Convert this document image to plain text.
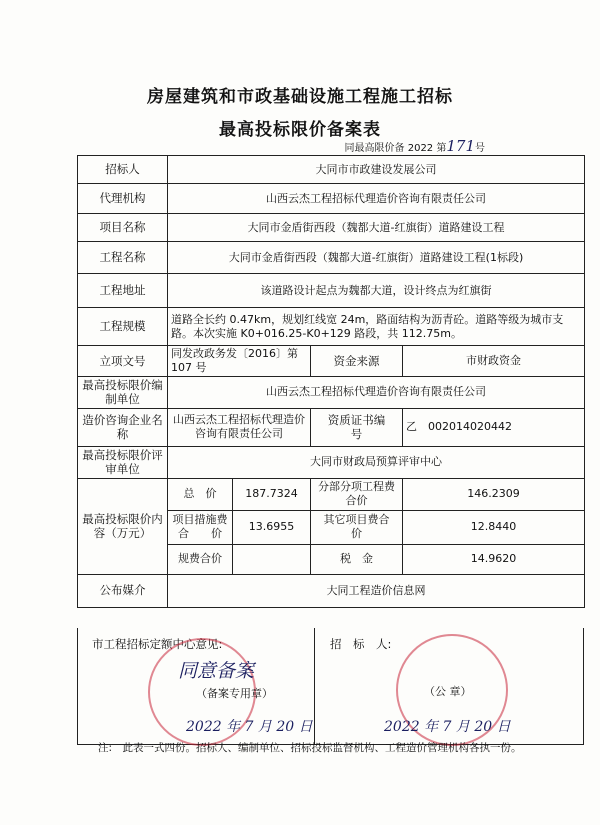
房屋建筑和市政基础设施工程施工招标
最高投标限价备案表
同最高限价备 2022 第171号
招标人	大同市市政建设发展公司			
代理机构	山西云杰工程招标代理造价咨询有限责任公司			
项目名称	大同市金盾街西段（魏都大道-红旗街）道路建设工程			
工程名称	大同市金盾街西段（魏都大道-红旗街）道路建设工程(1标段)			
工程地址	该道路设计起点为魏都大道，设计终点为红旗街			
工程规模	道路全长约 0.47km，规划红线宽 24m，路面结构为沥青砼。道路等级为城市支路。本次实施 K0+016.25-K0+129 路段，共 112.75m。			
立项文号	同发改政务发〔2016〕第 107 号		资金来源	市财政资金
最高投标限价编制单位	山西云杰工程招标代理造价咨询有限责任公司			
造价咨询企业名称	山西云杰工程招标代理造价咨询有限责任公司		资质证书编　　号	乙　002014020442
最高投标限价评审单位	大同市财政局预算评审中心			
最高投标限价内容（万元）	总　价	187.7324	分部分项工程费合价	146.2309
	项目措施费合　　价	13.6955	其它项目费合　　价	12.8440
	规费合价		税　金	14.9620
公布媒介	大同工程造价信息网			
市工程招标定额中心意见:
同意备案
（备案专用章）
2022 年 7 月 20 日
招　标　人:
（公 章）
2022 年 7 月 20 日
注:　此表一式四份。招标人、编制单位、招标投标监督机构、工程造价管理机构各执一份。
